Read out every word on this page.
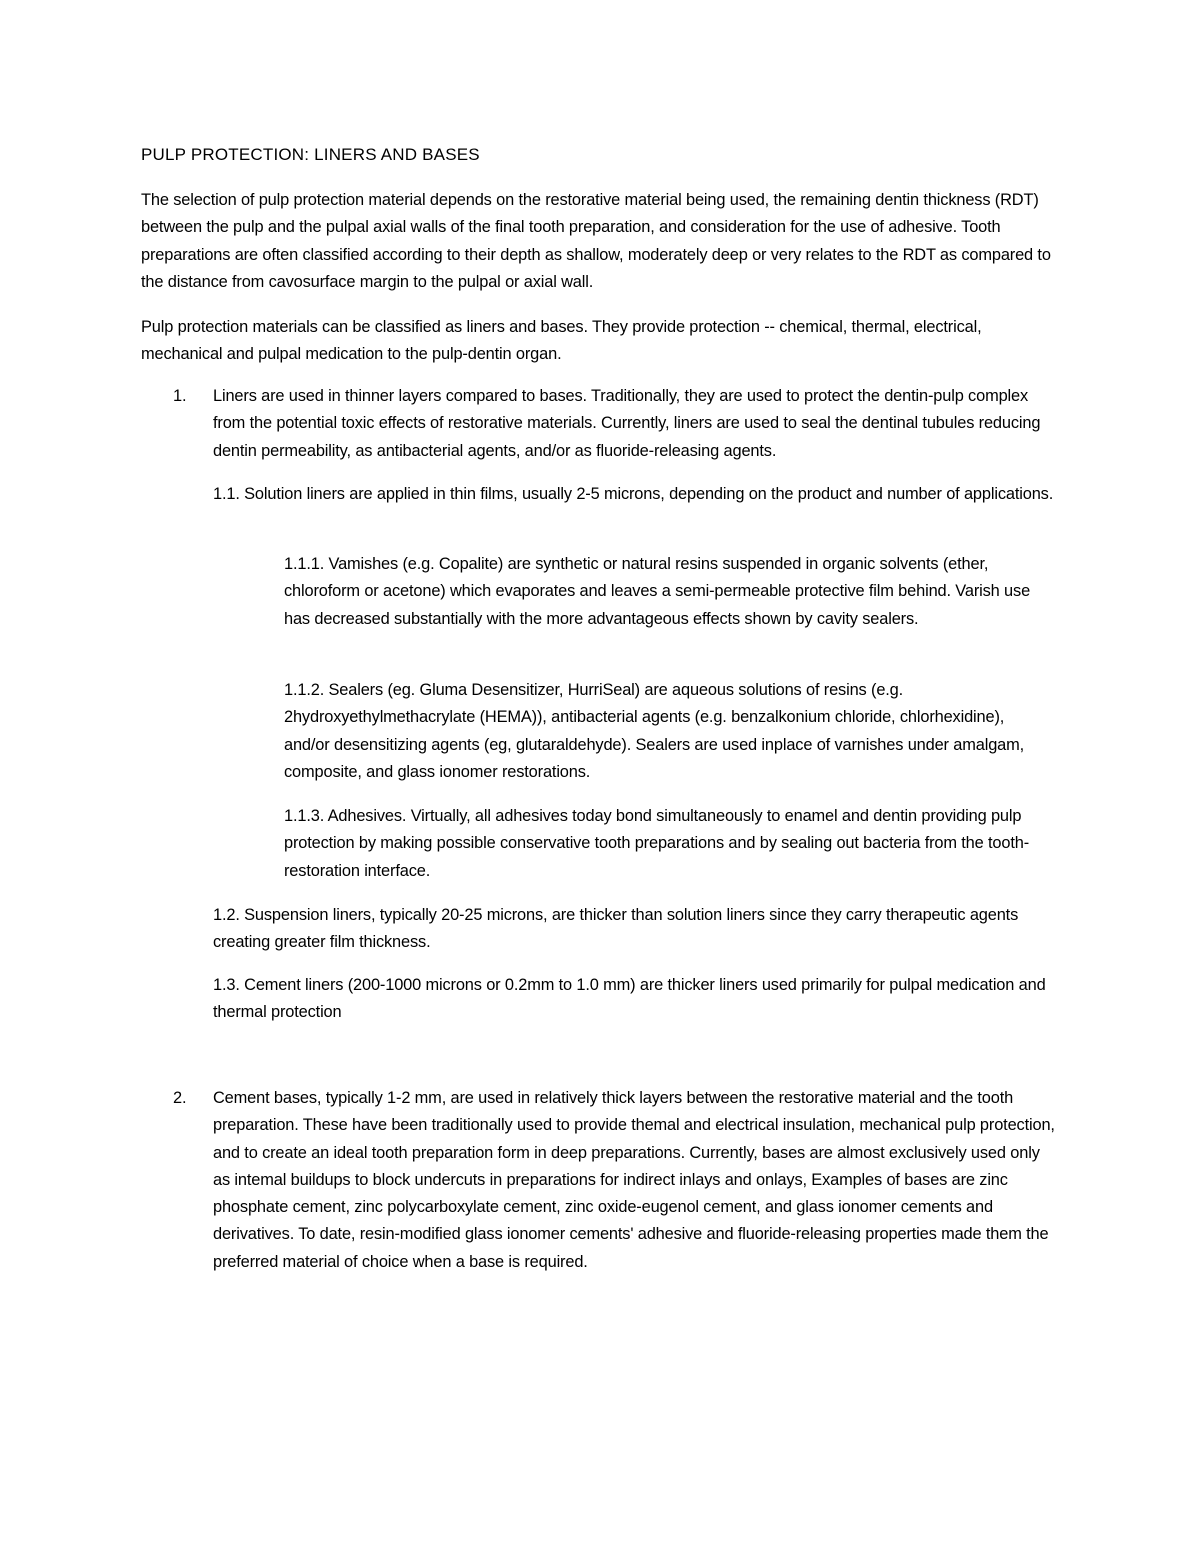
PULP PROTECTION: LINERS AND BASES

The selection of pulp protection material depends on the restorative material being used, the remaining dentin thickness (RDT) between the pulp and the pulpal axial walls of the final tooth preparation, and consideration for the use of adhesive. Tooth preparations are often classified according to their depth as shallow, moderately deep or very relates to the RDT as compared to the distance from cavosurface margin to the pulpal or axial wall.

Pulp protection materials can be classified as liners and bases. They provide protection -- chemical, thermal, electrical, mechanical and pulpal medication to the pulp-dentin organ.

1. Liners are used in thinner layers compared to bases. Traditionally, they are used to protect the dentin-pulp complex from the potential toxic effects of restorative materials. Currently, liners are used to seal the dentinal tubules reducing dentin permeability, as antibacterial agents, and/or as fluoride-releasing agents.

1.1. Solution liners are applied in thin films, usually 2-5 microns, depending on the product and number of applications.

1.1.1. Vamishes (e.g. Copalite) are synthetic or natural resins suspended in organic solvents (ether, chloroform or acetone) which evaporates and leaves a semi-permeable protective film behind. Varish use has decreased substantially with the more advantageous effects shown by cavity sealers.

1.1.2. Sealers (eg. Gluma Desensitizer, HurriSeal) are aqueous solutions of resins (e.g. 2hydroxyethylmethacrylate (HEMA)), antibacterial agents (e.g. benzalkonium chloride, chlorhexidine), and/or desensitizing agents (eg, glutaraldehyde). Sealers are used inplace of varnishes under amalgam, composite, and glass ionomer restorations.

1.1.3. Adhesives. Virtually, all adhesives today bond simultaneously to enamel and dentin providing pulp protection by making possible conservative tooth preparations and by sealing out bacteria from the tooth-restoration interface.

1.2. Suspension liners, typically 20-25 microns, are thicker than solution liners since they carry therapeutic agents creating greater film thickness.

1.3. Cement liners (200-1000 microns or 0.2mm to 1.0 mm) are thicker liners used primarily for pulpal medication and thermal protection

2. Cement bases, typically 1-2 mm, are used in relatively thick layers between the restorative material and the tooth preparation. These have been traditionally used to provide themal and electrical insulation, mechanical pulp protection, and to create an ideal tooth preparation form in deep preparations. Currently, bases are almost exclusively used only as intemal buildups to block undercuts in preparations for indirect inlays and onlays, Examples of bases are zinc phosphate cement, zinc polycarboxylate cement, zinc oxide-eugenol cement, and glass ionomer cements and derivatives. To date, resin-modified glass ionomer cements' adhesive and fluoride-releasing properties made them the preferred material of choice when a base is required.
